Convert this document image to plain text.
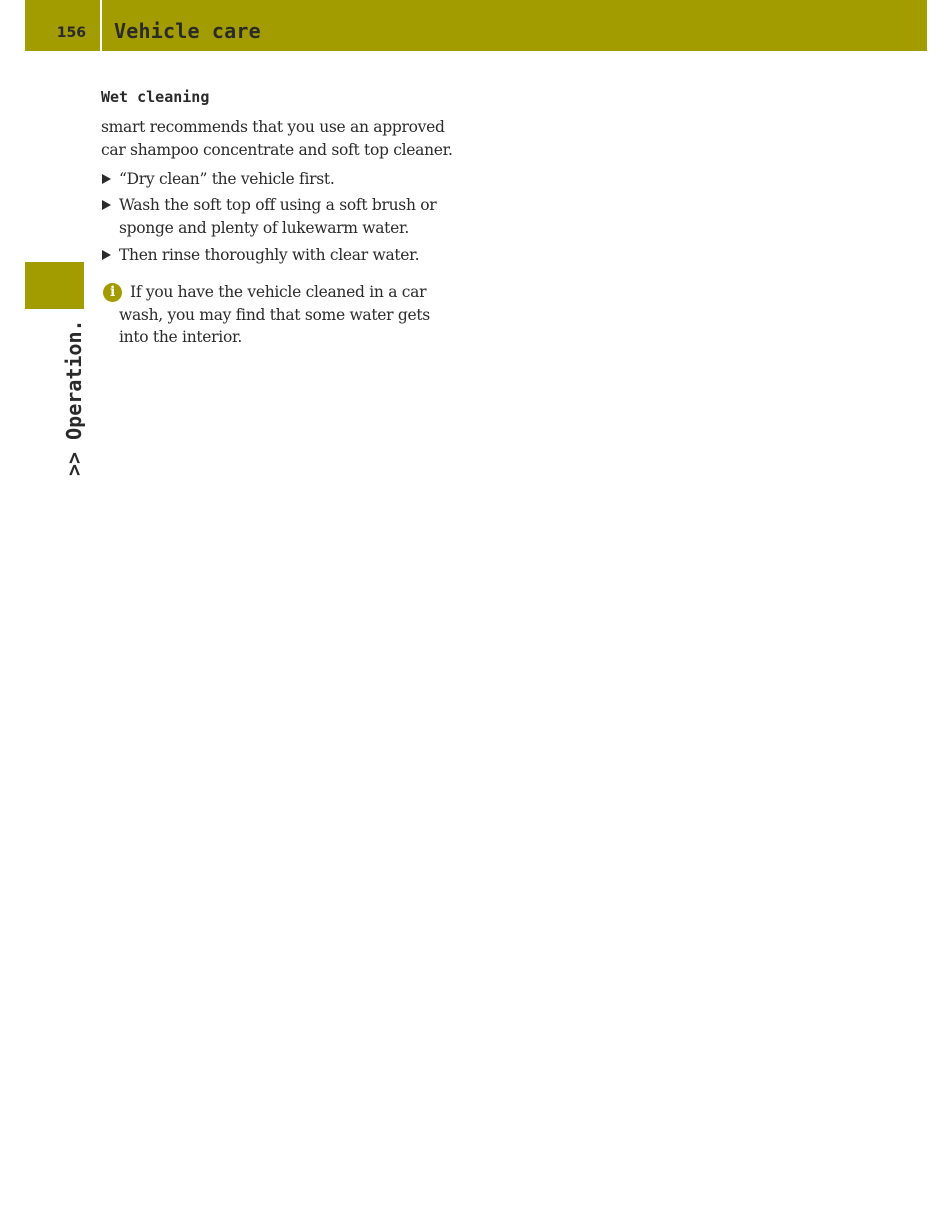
156	Vehicle care
>> Operation.
Wet cleaning

smart recommends that you use an approved car shampoo concentrate and soft top cleaner.

“Dry clean” the vehicle first.
Wash the soft top off using a soft brush or sponge and plenty of lukewarm water.
Then rinse thoroughly with clear water.
i If you have the vehicle cleaned in a car wash, you may find that some water gets into the interior.
